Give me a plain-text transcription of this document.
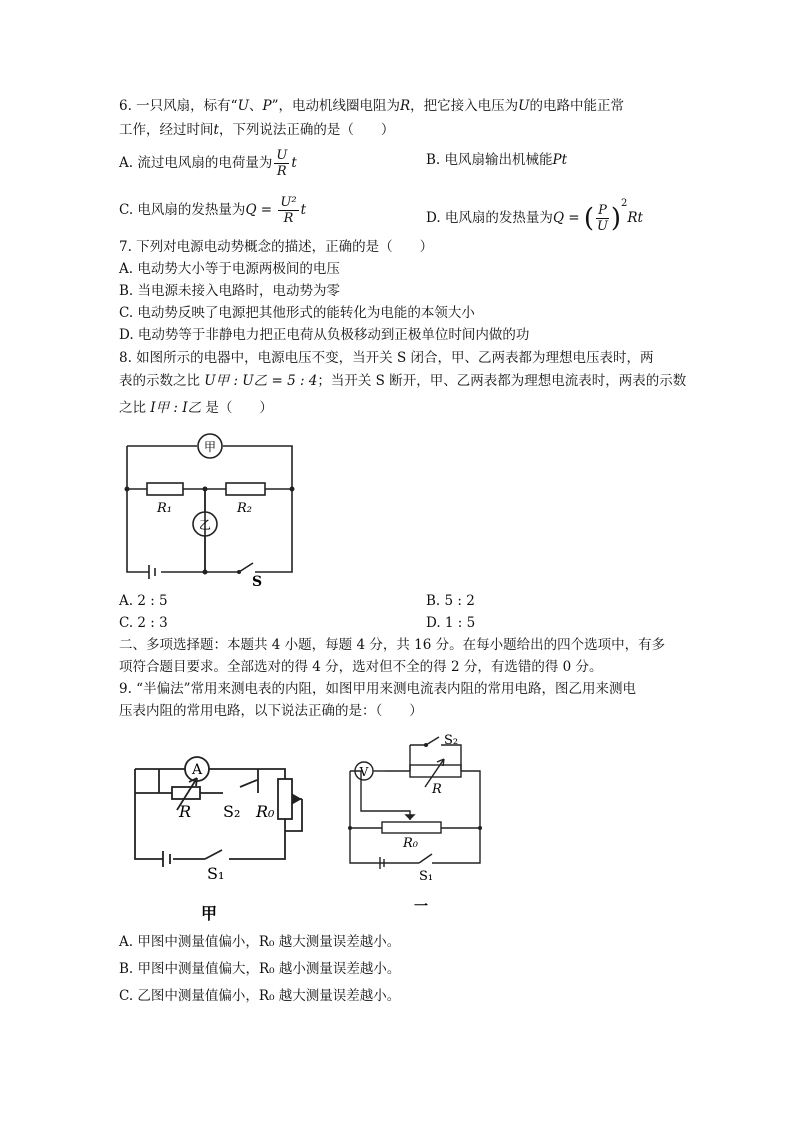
6. 一只风扇，标有“U、P”，电动机线圈电阻为R，把它接入电压为U的电路中能正常
工作，经过时间t，下列说法正确的是（　　）
A. 流过电风扇的电荷量为 $\frac{U}{R}$ t	B. 电风扇输出机械能Pt
C. 电风扇的发热量为$Q = \frac{\text{U²}}{R}$ t	D. 电风扇的发热量为Q = ( $\frac{P}{U} )^2Rt$
7. 下列对电源电动势概念的描述，正确的是（　　）
A. 电动势大小等于电源两极间的电压
B. 当电源未接入电路时，电动势为零
C. 电动势反映了电源把其他形式的能转化为电能的本领大小
D. 电动势等于非静电力把正电荷从负极移动到正极单位时间内做的功
8. 如图所示的电器中，电源电压不变，当开关 S 闭合，甲、乙两表都为理想电压表时，两
表的示数之比 U甲 : U乙 = 5 : 4；当开关 S 断开，甲、乙两表都为理想电流表时，两表的示数
之比 I甲 : I乙 是（　　）
甲
乙
R₁	R₂
S
A. 2 : 5	B. 5 : 2
C. 2 : 3	D. 1 : 5
二、多项选择题：本题共 4 小题，每题 4 分，共 16 分。在每小题给出的四个选项中，有多
项符合题目要求。全部选对的得 4 分，选对但不全的得 2 分，有选错的得 0 分。
9. “半偏法”常用来测电表的内阻，如图甲用来测电流表内阻的常用电路，图乙用来测电
压表内阻的常用电路，以下说法正确的是：（　　）
A
R S₂ R₀
S₁
甲
V
R
S₂
R₀
S₁
一
A. 甲图中测量值偏小，R₀ 越大测量误差越小。
B. 甲图中测量值偏大，R₀ 越小测量误差越小。
C. 乙图中测量值偏小，R₀ 越大测量误差越小。
